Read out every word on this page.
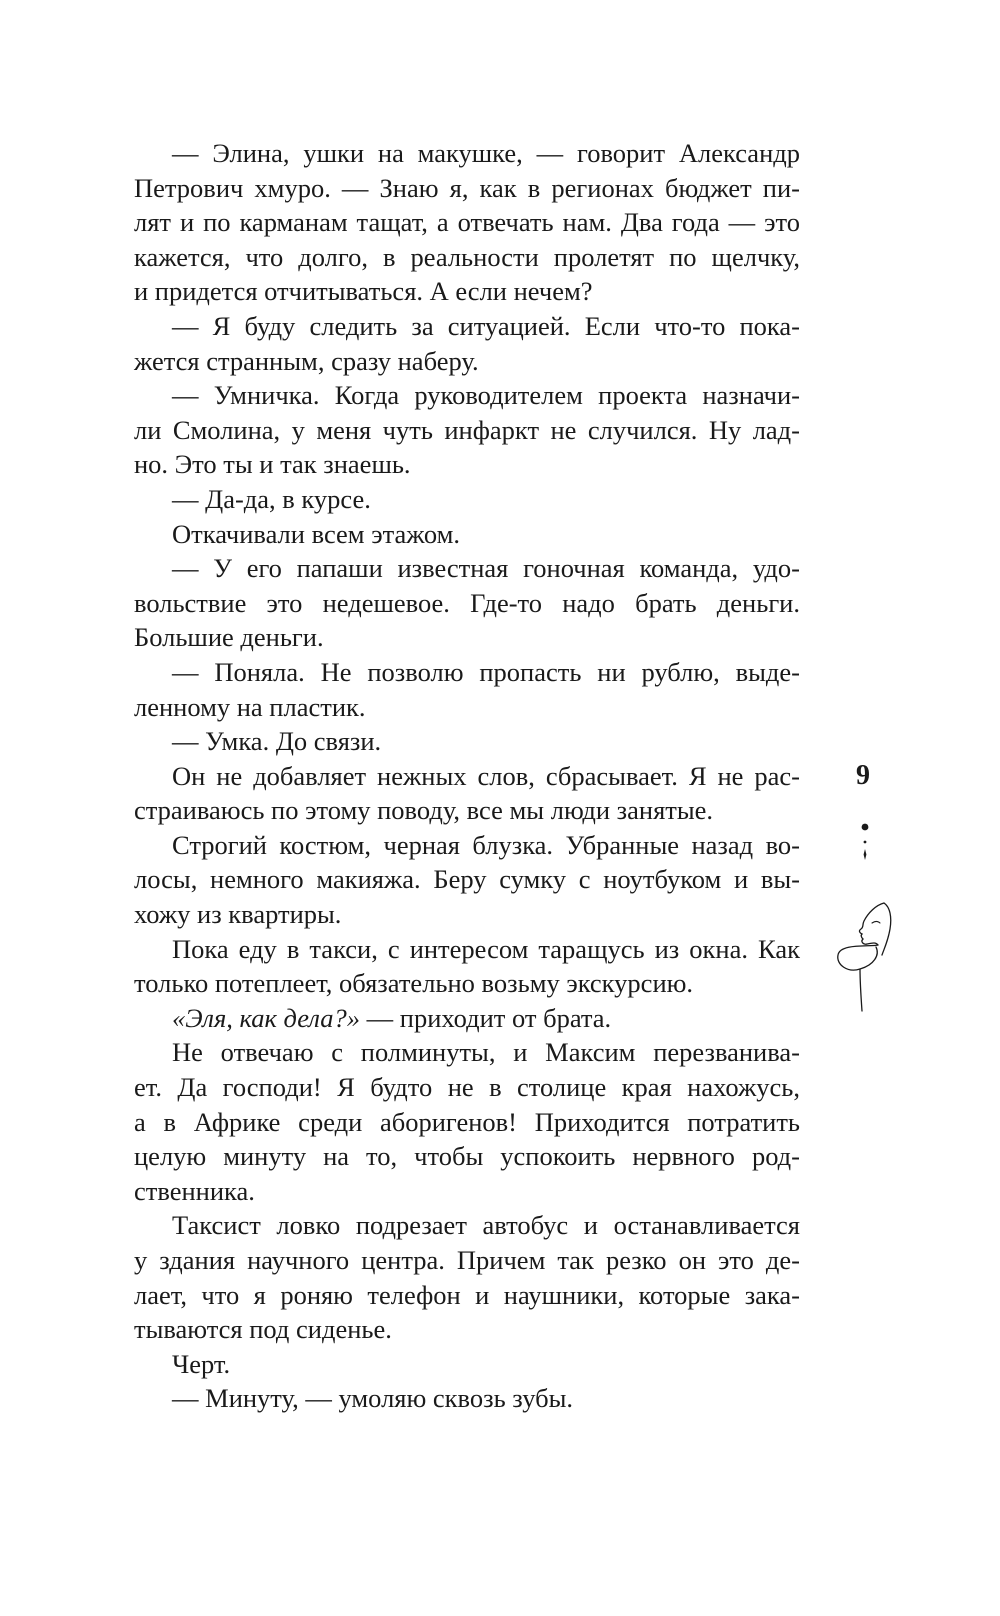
— Элина, ушки на макушке, — говорит Александр
Петрович хмуро. — Знаю я, как в регионах бюджет пи-
лят и по карманам тащат, а отвечать нам. Два года — это
кажется, что долго, в реальности пролетят по щелчку,
и придется отчитываться. А если нечем?
— Я буду следить за ситуацией. Если что-то пока-
жется странным, сразу наберу.
— Умничка. Когда руководителем проекта назначи-
ли Смолина, у меня чуть инфаркт не случился. Ну лад-
но. Это ты и так знаешь.
— Да-да, в курсе.
Откачивали всем этажом.
— У его папаши известная гоночная команда, удо-
вольствие это недешевое. Где-то надо брать деньги.
Большие деньги.
— Поняла. Не позволю пропасть ни рублю, выде-
ленному на пластик.
— Умка. До связи.
Он не добавляет нежных слов, сбрасывает. Я не рас-
страиваюсь по этому поводу, все мы люди занятые.
Строгий костюм, черная блузка. Убранные назад во-
лосы, немного макияжа. Беру сумку с ноутбуком и вы-
хожу из квартиры.
Пока еду в такси, с интересом таращусь из окна. Как
только потеплеет, обязательно возьму экскурсию.
«Эля, как дела?» — приходит от брата.
Не отвечаю с полминуты, и Максим перезванива-
ет. Да господи! Я будто не в столице края нахожусь,
а в Африке среди аборигенов! Приходится потратить
целую минуту на то, чтобы успокоить нервного род-
ственника.
Таксист ловко подрезает автобус и останавливается
у здания научного центра. Причем так резко он это де-
лает, что я роняю телефон и наушники, которые зака-
тываются под сиденье.
Черт.
— Минуту, — умоляю сквозь зубы.
9
